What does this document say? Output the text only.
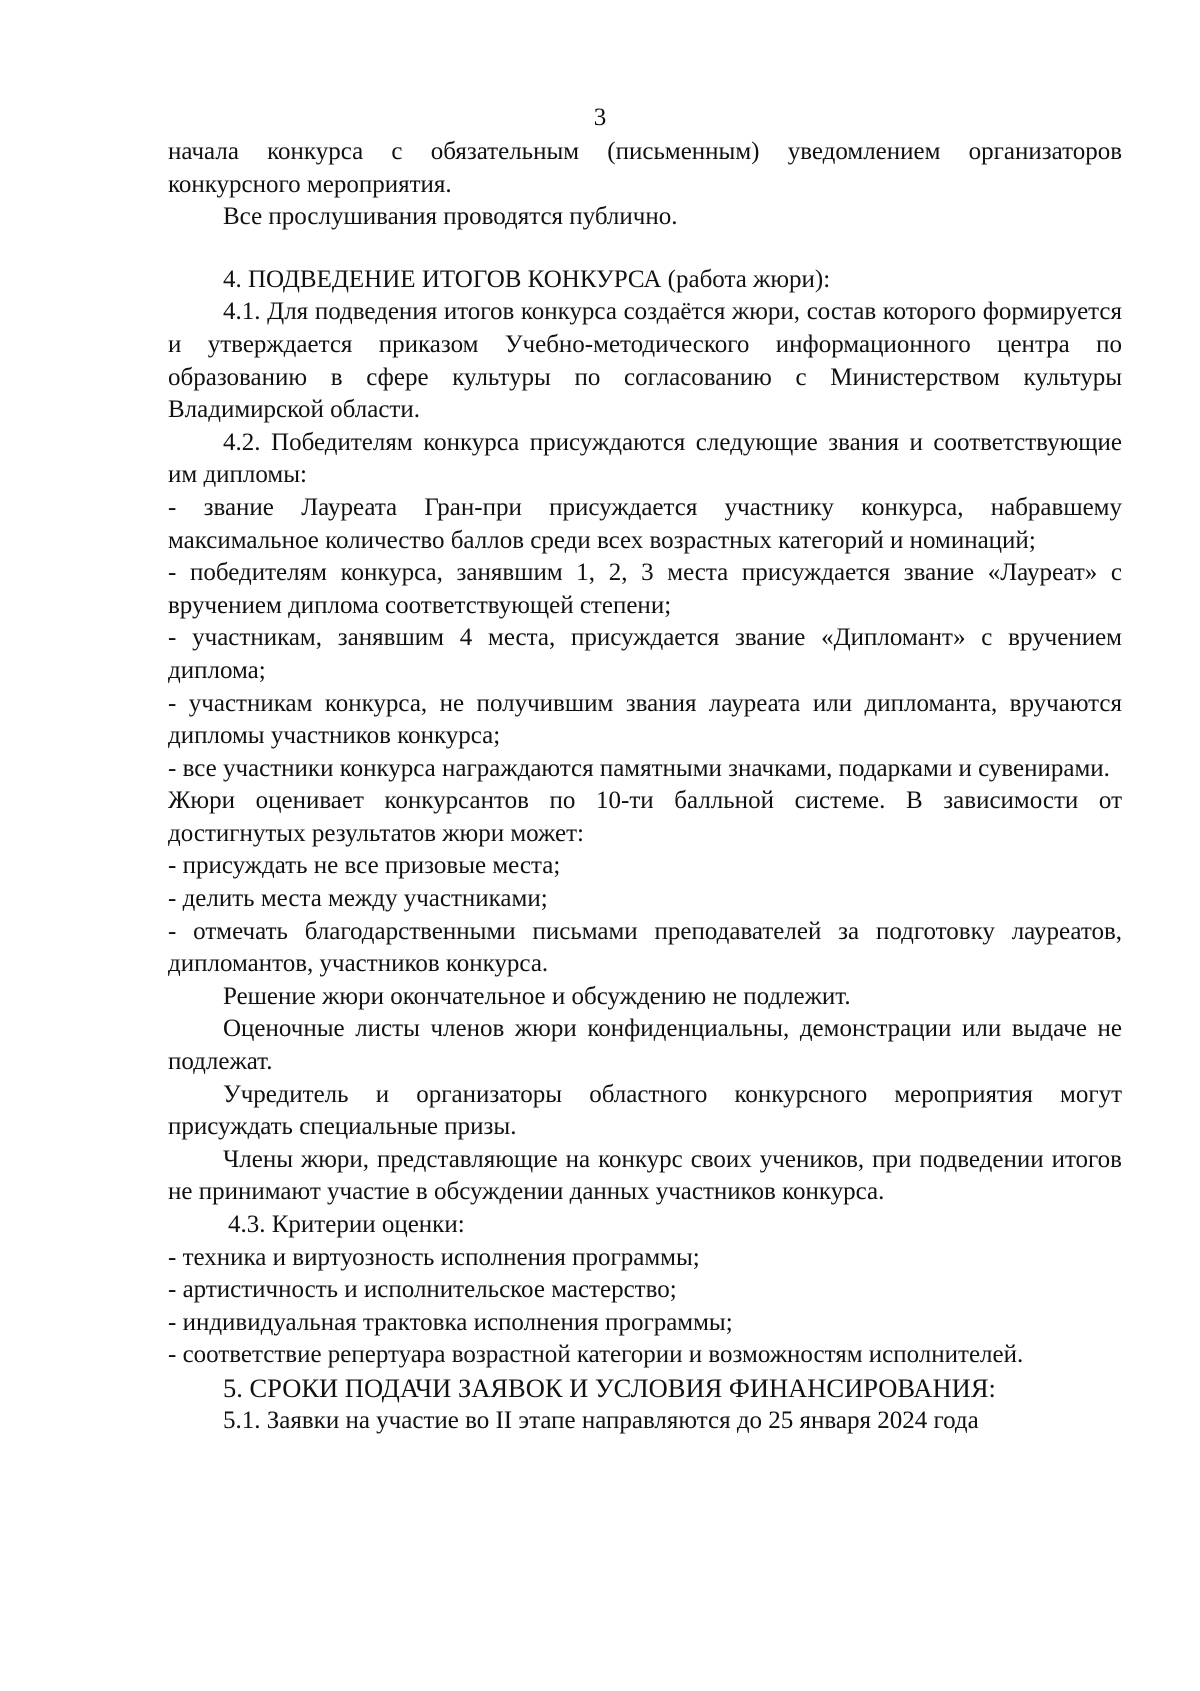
3

начала конкурса с обязательным (письменным) уведомлением организаторов конкурсного мероприятия.

Все прослушивания проводятся публично.

4. ПОДВЕДЕНИЕ ИТОГОВ КОНКУРСА (работа жюри):

4.1. Для подведения итогов конкурса создаётся жюри, состав которого формируется и утверждается приказом Учебно-методического информационного центра по образованию в сфере культуры по согласованию с Министерством культуры Владимирской области.

4.2. Победителям конкурса присуждаются следующие звания и соответствующие им дипломы:

- звание Лауреата Гран-при присуждается участнику конкурса, набравшему максимальное количество баллов среди всех возрастных категорий и номинаций;

- победителям конкурса, занявшим 1, 2, 3 места присуждается звание «Лауреат» с вручением диплома соответствующей степени;

- участникам, занявшим 4 места, присуждается звание «Дипломант» с вручением диплома;

- участникам конкурса, не получившим звания лауреата или дипломанта, вручаются дипломы участников конкурса;

- все участники конкурса награждаются памятными значками, подарками и сувенирами.

Жюри оценивает конкурсантов по 10-ти балльной системе. В зависимости от достигнутых результатов жюри может:

- присуждать не все призовые места;

- делить места между участниками;

- отмечать благодарственными письмами преподавателей за подготовку лауреатов, дипломантов, участников конкурса.

Решение жюри окончательное и обсуждению не подлежит.

Оценочные листы членов жюри конфиденциальны, демонстрации или выдаче не подлежат.

Учредитель и организаторы областного конкурсного мероприятия могут присуждать специальные призы.

Члены жюри, представляющие на конкурс своих учеников, при подведении итогов не принимают участие в обсуждении данных участников конкурса.

4.3. Критерии оценки:

- техника и виртуозность исполнения программы;

- артистичность и исполнительское мастерство;

- индивидуальная трактовка исполнения программы;

- соответствие репертуара возрастной категории и возможностям исполнителей.

5. СРОКИ ПОДАЧИ ЗАЯВОК И УСЛОВИЯ ФИНАНСИРОВАНИЯ:

5.1. Заявки на участие во II этапе направляются до 25 января 2024 года
